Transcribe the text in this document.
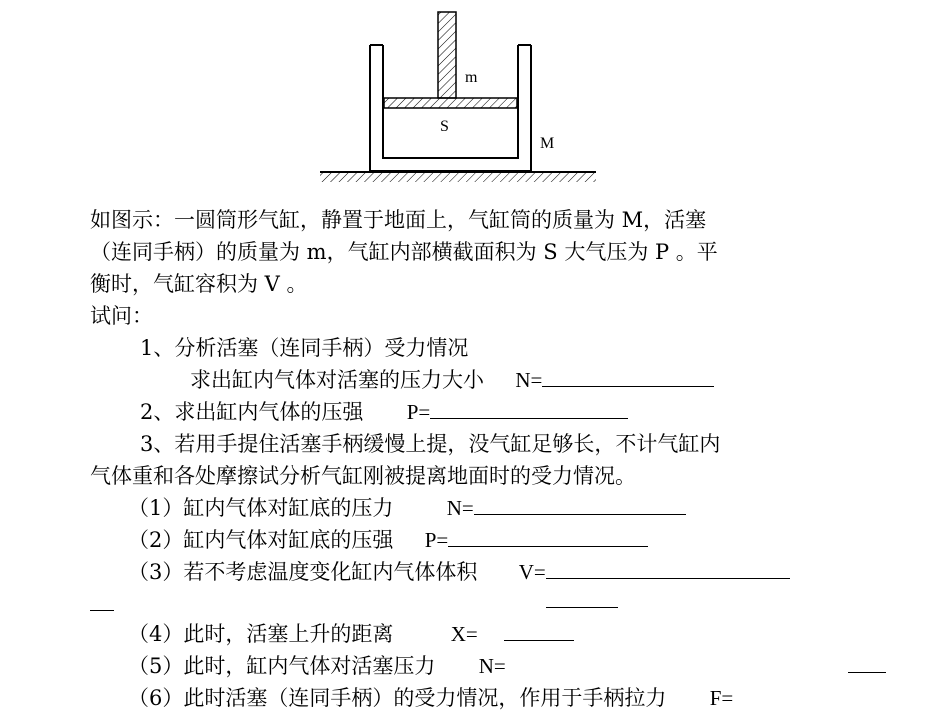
m
S
M
如图示：一圆筒形气缸，静置于地面上，气缸筒的质量为 M，活塞
（连同手柄）的质量为 m，气缸内部横截面积为 S 大气压为 P 。平
衡时，气缸容积为 V 。
试问：
1、分析活塞（连同手柄）受力情况
求出缸内气体对活塞的压力大小 N=
2、求出缸内气体的压强 P=
3、若用手提住活塞手柄缓慢上提，没气缸足够长，不计气缸内
气体重和各处摩擦试分析气缸刚被提离地面时的受力情况。
（1）缸内气体对缸底的压力	N=
（2）缸内气体对缸底的压强 P=
（3）若不考虑温度变化缸内气体体积 V=
（4）此时，活塞上升的距离	X=
（5）此时，缸内气体对活塞压力 N=
（6）此时活塞（连同手柄）的受力情况，作用于手柄拉力 F=
